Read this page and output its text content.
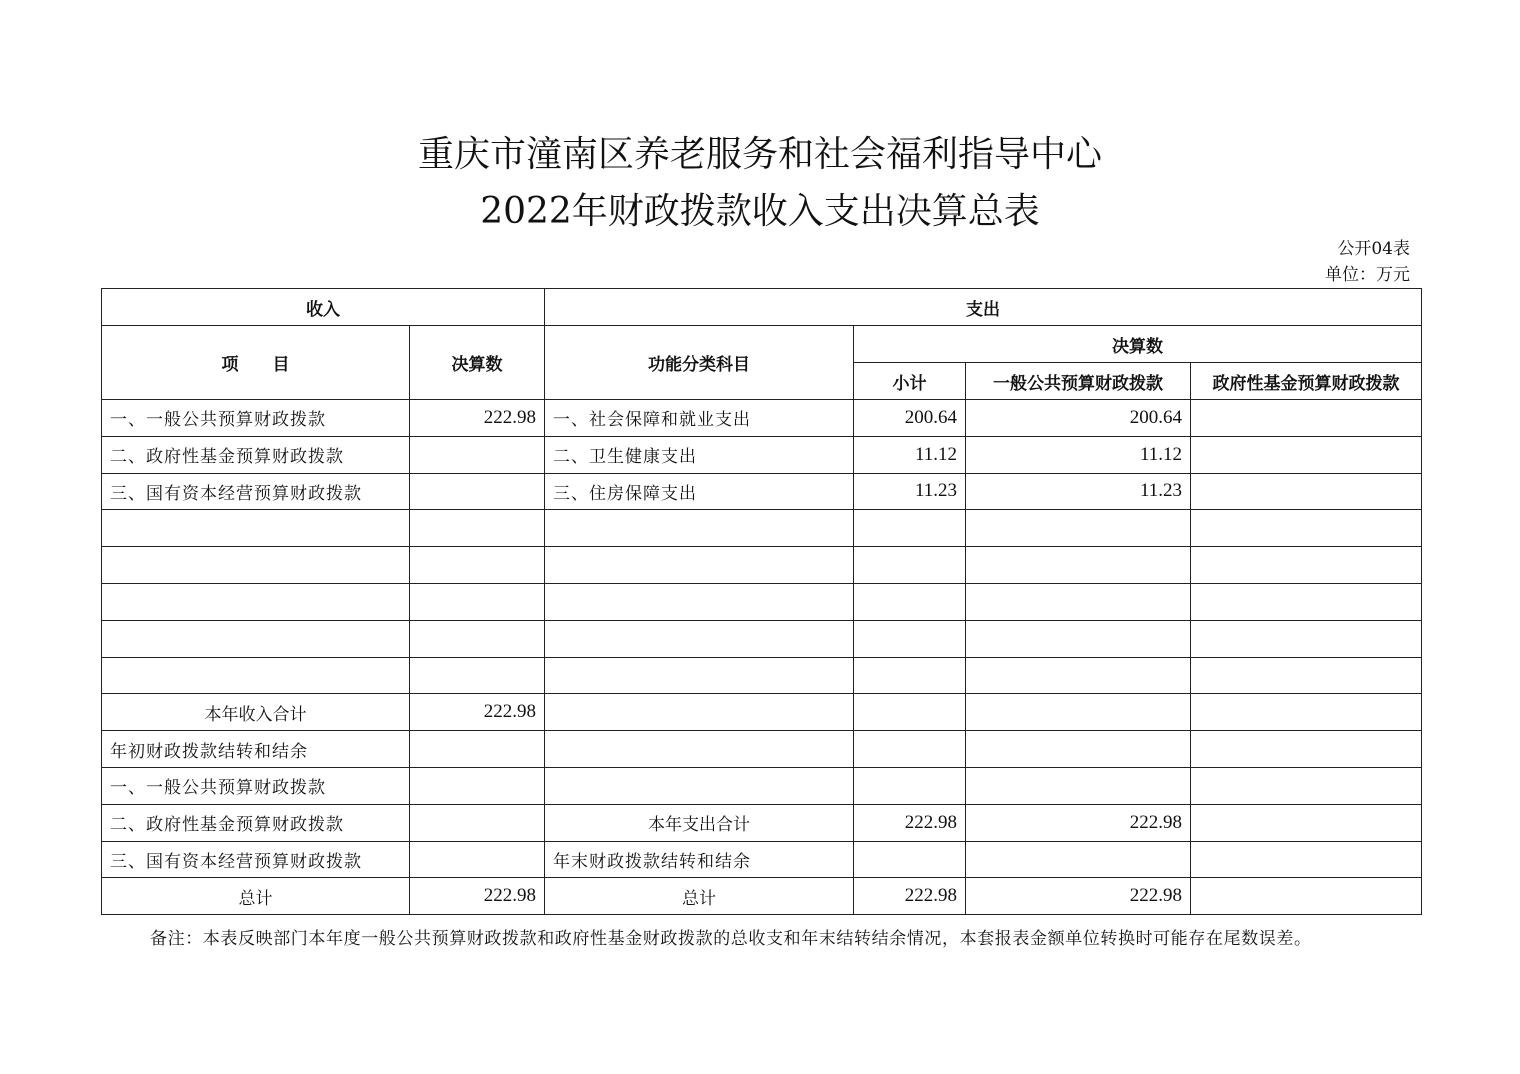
重庆市潼南区养老服务和社会福利指导中心
2022年财政拨款收入支出决算总表
公开04表
单位：万元
收入		支出			
项　　目	决算数	功能分类科目	决算数		
			小计	一般公共预算财政拨款	政府性基金预算财政拨款
一、一般公共预算财政拨款	222.98	一、社会保障和就业支出	200.64	200.64	
二、政府性基金预算财政拨款		二、卫生健康支出	11.12	11.12	
三、国有资本经营预算财政拨款		三、住房保障支出	11.23	11.23	

本年收入合计	222.98				
年初财政拨款结转和结余					
一、一般公共预算财政拨款					
二、政府性基金预算财政拨款		本年支出合计	222.98	222.98	
三、国有资本经营预算财政拨款		年末财政拨款结转和结余			
总计	222.98	总计	222.98	222.98	
备注：本表反映部门本年度一般公共预算财政拨款和政府性基金财政拨款的总收支和年末结转结余情况，本套报表金额单位转换时可能存在尾数误差。
